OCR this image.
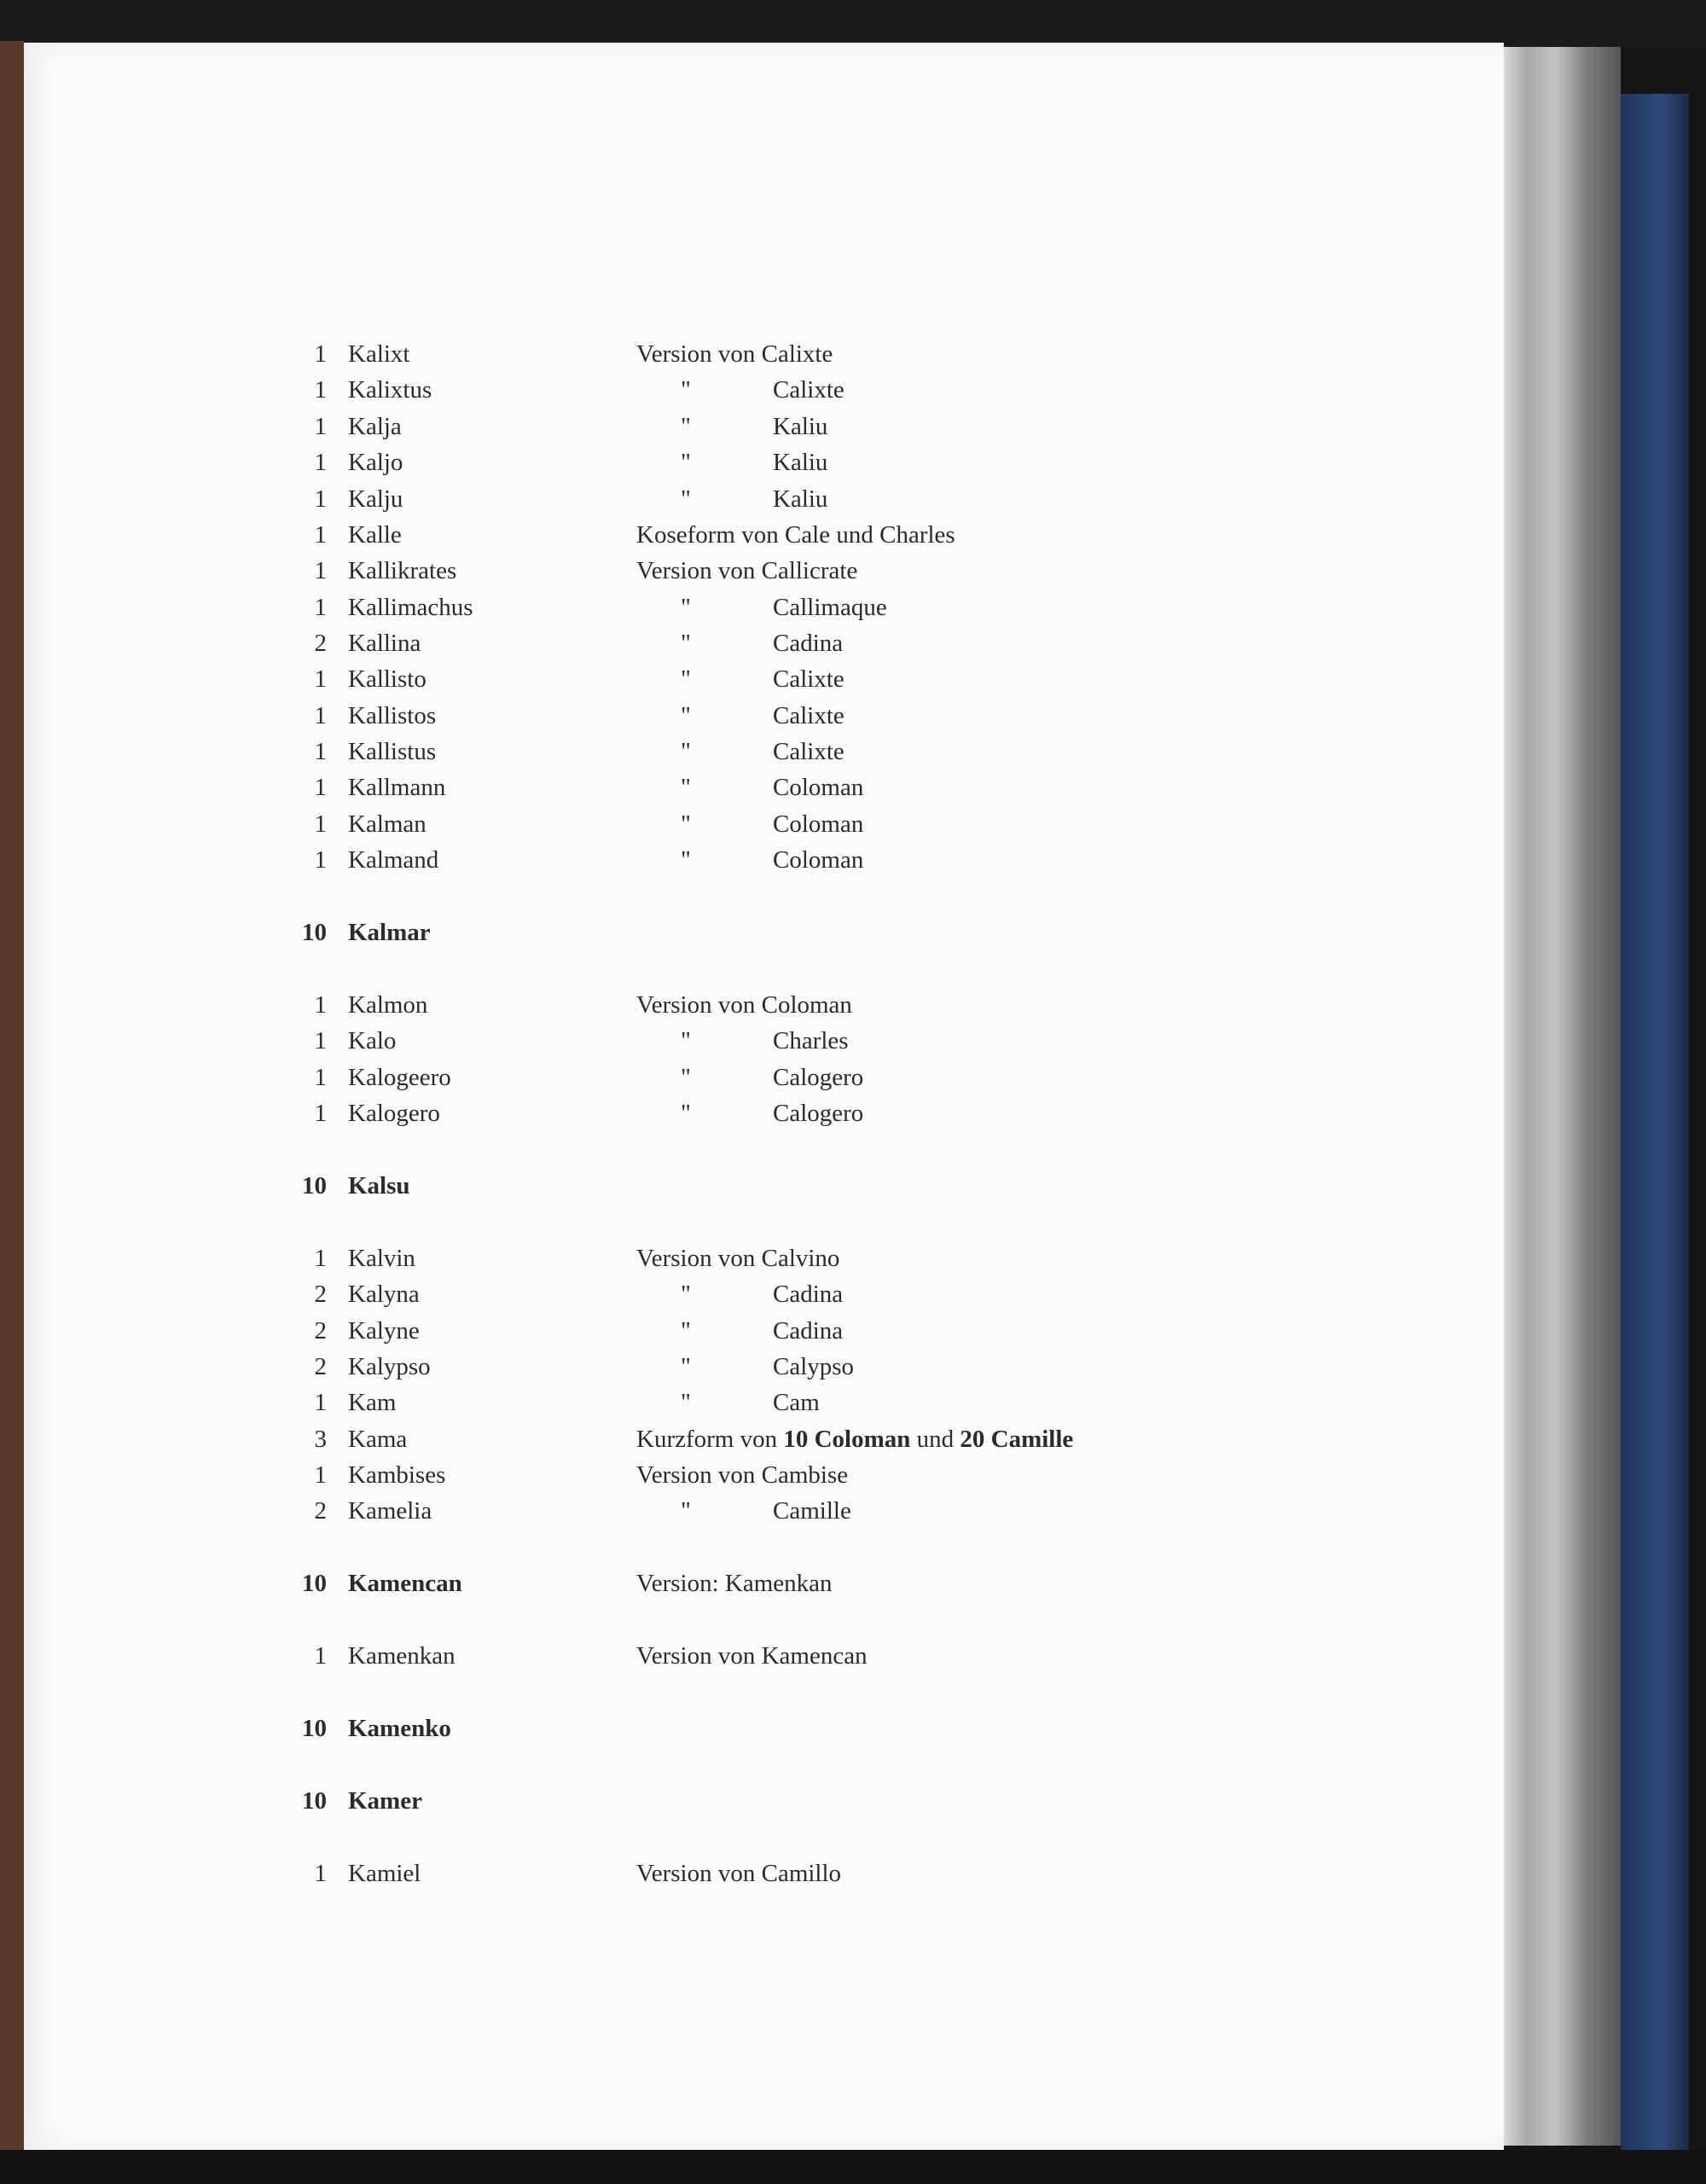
1 Kalixt	Version von Calixte
1 Kalixtus	"	Calixte
1 Kalja	"	Kaliu
1 Kaljo	"	Kaliu
1 Kalju	"	Kaliu
1 Kalle	Koseform von Cale und Charles
1 Kallikrates	Version von Callicrate
1 Kallimachus	"	Callimaque
2 Kallina	"	Cadina
1 Kallisto	"	Calixte
1 Kallistos	"	Calixte
1 Kallistus	"	Calixte
1 Kallmann	"	Coloman
1 Kalman	"	Coloman
1 Kalmand	"	Coloman
10 Kalmar
1 Kalmon	Version von Coloman
1 Kalo	"	Charles
1 Kalogeero	"	Calogero
1 Kalogero	"	Calogero
10 Kalsu
1 Kalvin	Version von Calvino
2 Kalyna	"	Cadina
2 Kalyne	"	Cadina
2 Kalypso	"	Calypso
1 Kam	"	Cam
3 Kama	Kurzform von 10 Coloman und 20 Camille
1 Kambises	Version von Cambise
2 Kamelia	"	Camille
10 Kamencan	Version: Kamenkan
1 Kamenkan	Version von Kamencan
10 Kamenko
10 Kamer
1 Kamiel	Version von Camillo
